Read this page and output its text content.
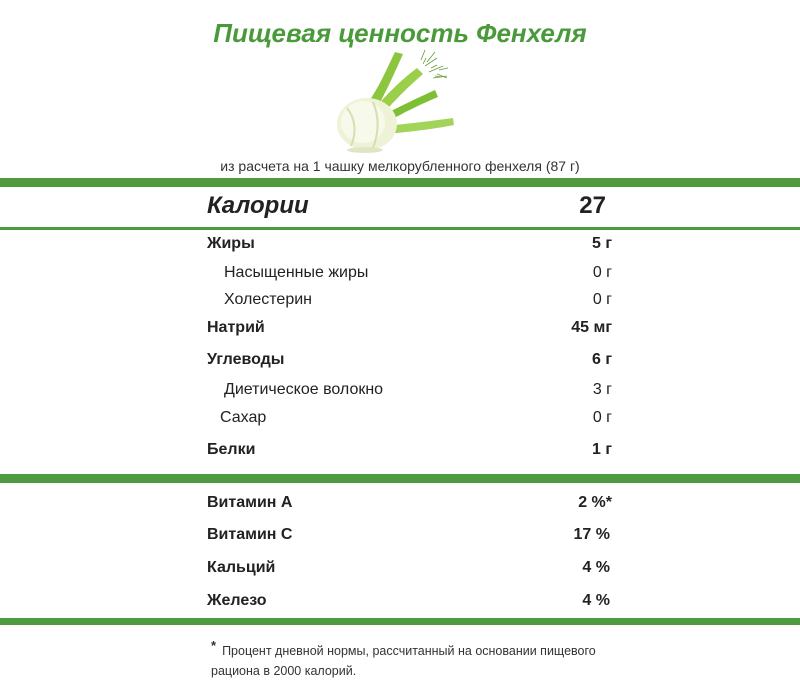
Пищевая ценность Фенхеля
из расчета на 1 чашку мелкорубленного фенхеля (87 г)
Калории	27
Жиры	5 г
Насыщенные жиры	0 г
Холестерин	0 г
Натрий	45 мг
Углеводы	6 г
Диетическое волокно	3 г
Сахар	0 г
Белки	1 г
Витамин А	2 %*
Витамин С	17 %
Кальций	4 %
Железо	4 %
* Процент дневной нормы, рассчитанный на основании пищевого рациона в 2000 калорий.
